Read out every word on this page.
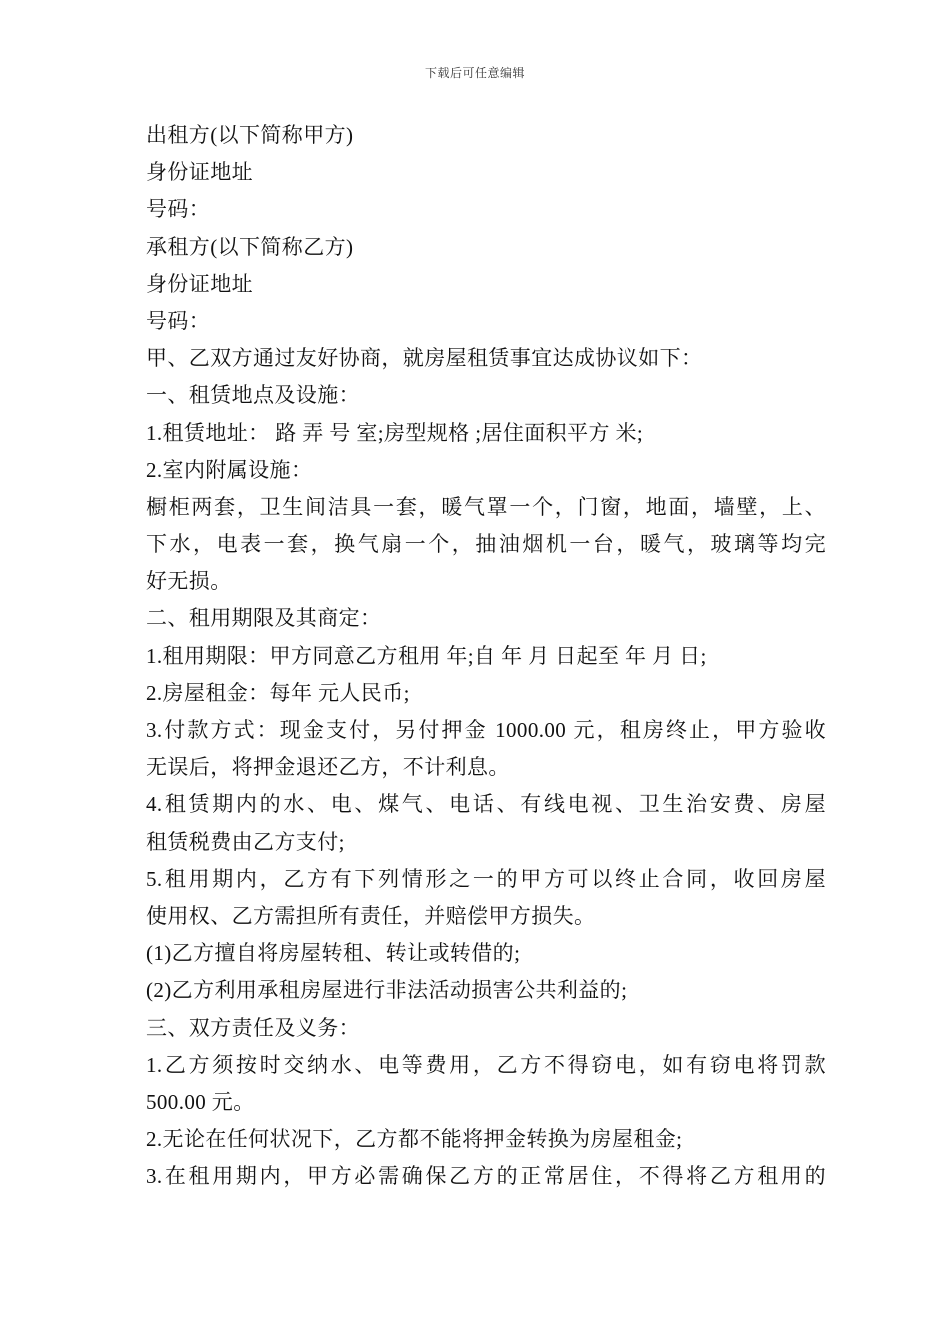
下载后可任意编辑
出租方(以下简称甲方)
身份证地址
号码：
承租方(以下简称乙方)
身份证地址
号码：
甲、乙双方通过友好协商，就房屋租赁事宜达成协议如下：
一、租赁地点及设施：
1.租赁地址： 路 弄 号 室;房型规格 ;居住面积平方 米;
2.室内附属设施：
橱柜两套，卫生间洁具一套，暖气罩一个，门窗，地面，墙壁，上、
下水，电表一套，换气扇一个，抽油烟机一台，暖气，玻璃等均完
好无损。
二、租用期限及其商定：
1.租用期限：甲方同意乙方租用 年;自 年 月 日起至 年 月 日;
2.房屋租金：每年 元人民币;
3.付款方式：现金支付，另付押金 1000.00 元，租房终止，甲方验收
无误后，将押金退还乙方，不计利息。
4.租赁期内的水、电、煤气、电话、有线电视、卫生治安费、房屋
租赁税费由乙方支付;
5.租用期内，乙方有下列情形之一的甲方可以终止合同，收回房屋
使用权、乙方需担所有责任，并赔偿甲方损失。
(1)乙方擅自将房屋转租、转让或转借的;
(2)乙方利用承租房屋进行非法活动损害公共利益的;
三、双方责任及义务：
1.乙方须按时交纳水、电等费用，乙方不得窃电，如有窃电将罚款
500.00 元。
2.无论在任何状况下，乙方都不能将押金转换为房屋租金;
3.在租用期内，甲方必需确保乙方的正常居住，不得将乙方租用的
